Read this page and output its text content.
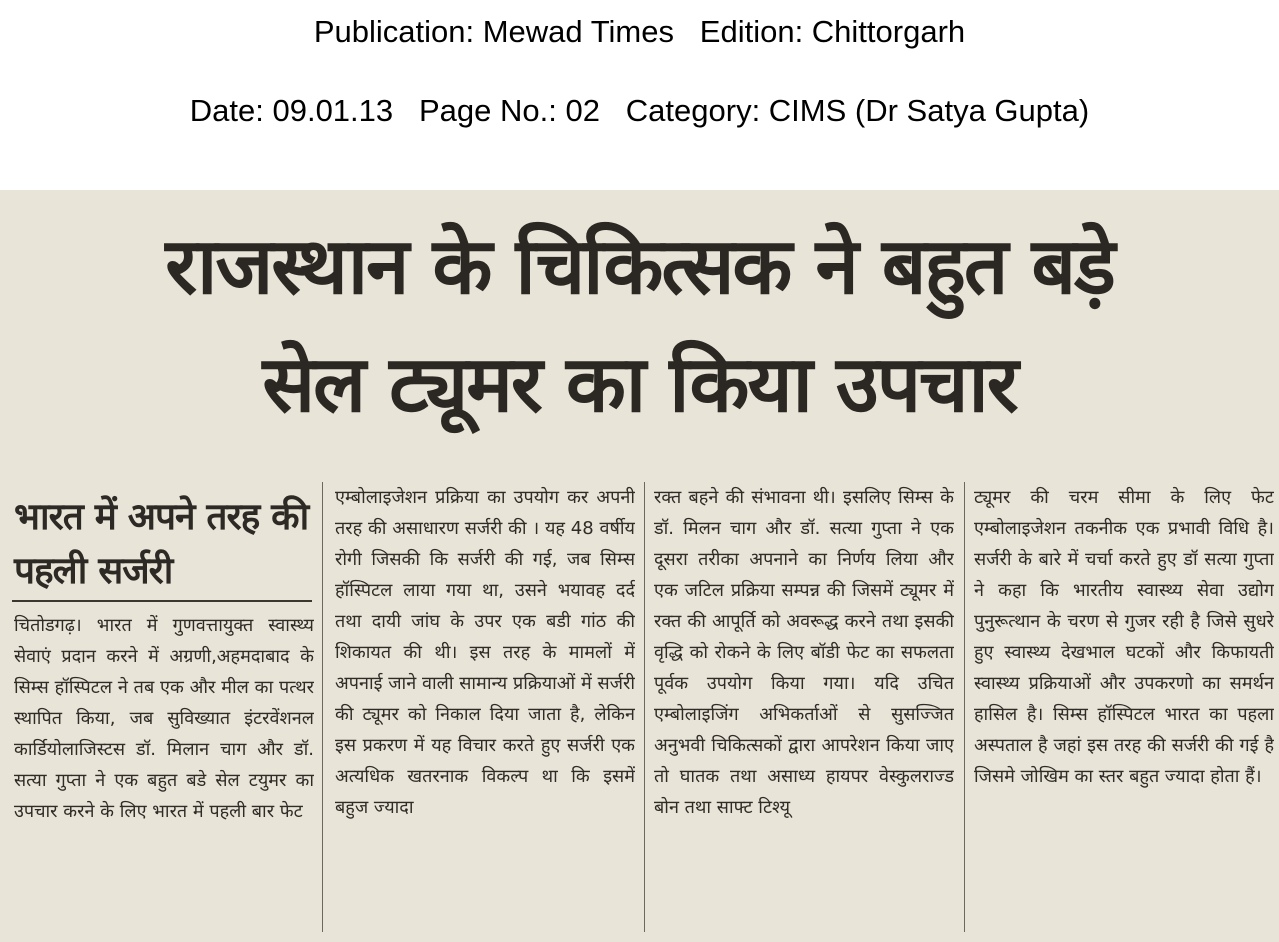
Publication: Mewad Times   Edition: Chittorgarh
Date: 09.01.13   Page No.: 02   Category: CIMS (Dr Satya Gupta)
राजस्थान के चिकित्सक ने बहुत बड़े
सेल ट्यूमर का किया उपचार
भारत में अपने तरह की पहली सर्जरी
चितोडगढ़। भारत में गुणवत्तायुक्त स्वास्थ्य सेवाएं प्रदान करने में अग्रणी,अहमदाबाद के सिम्स हॉस्पिटल ने तब एक और मील का पत्थर स्थापित किया, जब सुविख्यात इंटरवेंशनल कार्डियोलाजिस्टस डॉ. मिलान चाग और डॉ. सत्या गुप्ता ने एक बहुत बडे सेल टयुमर का उपचार करने के लिए भारत में पहली बार फेट
एम्बोलाइजेशन प्रक्रिया का उपयोग कर अपनी तरह की असाधारण सर्जरी की । यह 48 वर्षीय रोगी जिसकी कि सर्जरी की गई, जब सिम्स हॉस्पिटल लाया गया था, उसने भयावह दर्द तथा दायी जांघ के उपर एक बडी गांठ की शिकायत की थी। इस तरह के मामलों में अपनाई जाने वाली सामान्य प्रक्रियाओं में सर्जरी की ट्यूमर को निकाल दिया जाता है, लेकिन इस प्रकरण में यह विचार करते हुए सर्जरी एक अत्यधिक खतरनाक विकल्प था कि इसमें बहुज ज्यादा
रक्त बहने की संभावना थी। इसलिए सिम्स के डॉ. मिलन चाग और डॉ. सत्या गुप्ता ने एक दूसरा तरीका अपनाने का निर्णय लिया और एक जटिल प्रक्रिया सम्पन्न की जिसमें ट्यूमर में रक्त की आपूर्ति को अवरूद्ध करने तथा इसकी वृद्धि को रोकने के लिए बॉडी फेट का सफलता पूर्वक उपयोग किया गया। यदि उचित एम्बोलाइजिंग अभिकर्ताओं से सुसज्जित अनुभवी चिकित्सकों द्वारा आपरेशन किया जाए तो घातक तथा असाध्य हायपर वेस्कुलराज्ड बोन तथा साफ्ट टिश्यू
ट्यूमर की चरम सीमा के लिए फेट एम्बोलाइजेशन तकनीक एक प्रभावी विधि है। सर्जरी के बारे में चर्चा करते हुए डॉ सत्या गुप्ता ने कहा कि भारतीय स्वास्थ्य सेवा उद्योग पुनुरूत्थान के चरण से गुजर रही है जिसे सुधरे हुए स्वास्थ्य देखभाल घटकों और किफायती स्वास्थ्य प्रक्रियाओं और उपकरणो का समर्थन हासिल है। सिम्स हॉस्पिटल भारत का पहला अस्पताल है जहां इस तरह की सर्जरी की गई है जिसमे जोखिम का स्तर बहुत ज्यादा होता हैं।
